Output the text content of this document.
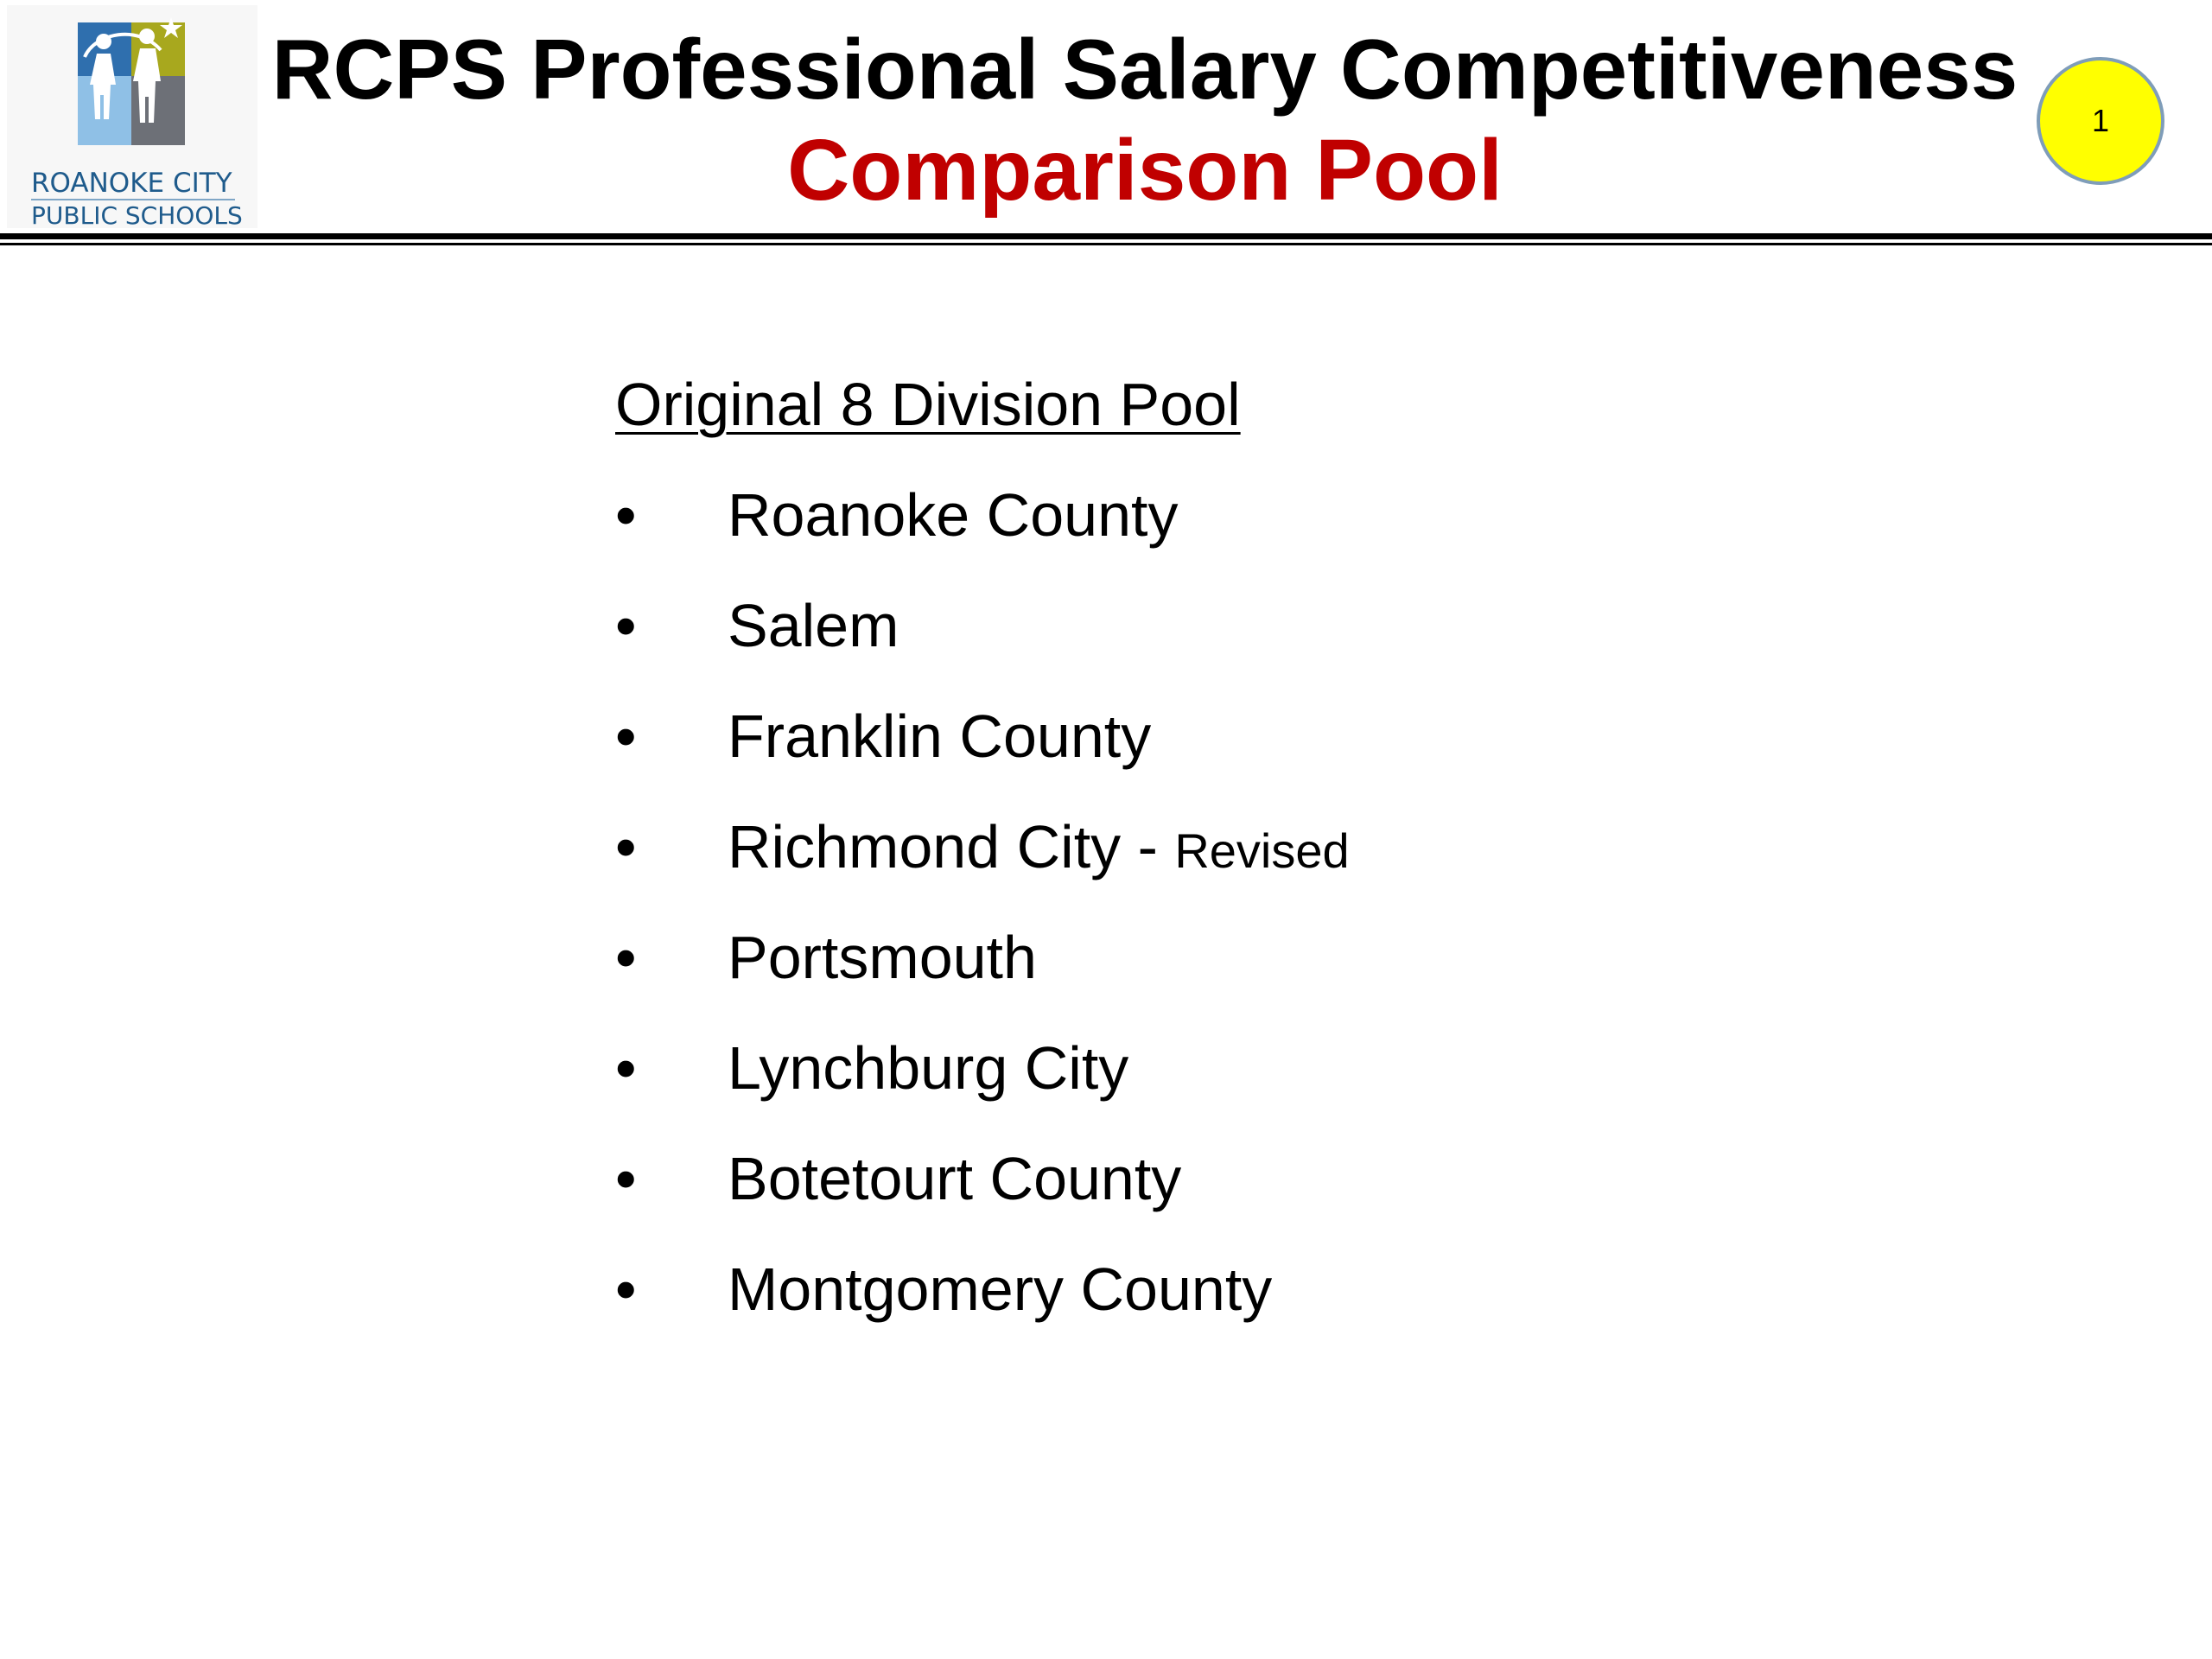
ROANOKE CITY
PUBLIC SCHOOLS
RCPS Professional Salary Competitiveness
Comparison Pool
1
Original 8 Division Pool
• Roanoke County
• Salem
• Franklin County
• Richmond City - Revised
• Portsmouth
• Lynchburg City
• Botetourt County
• Montgomery County
